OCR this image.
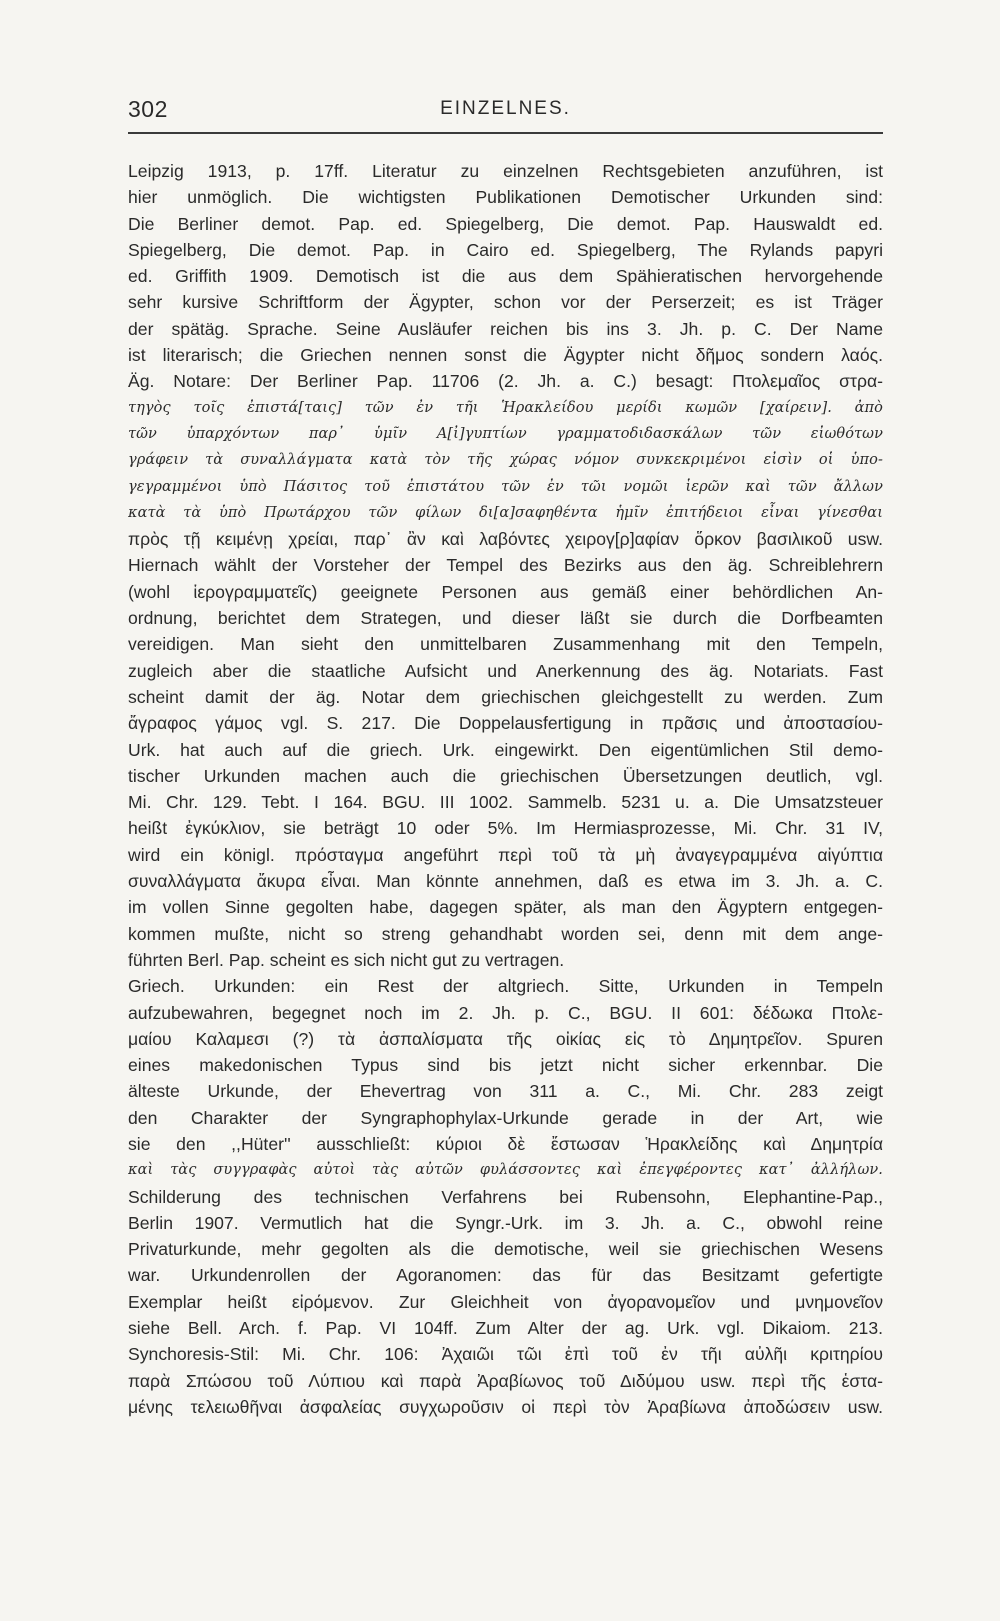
302	EINZELNES.
Leipzig 1913, p. 17ff. Literatur zu einzelnen Rechtsgebieten anzuführen, ist
hier unmöglich. Die wichtigsten Publikationen Demotischer Urkunden sind:
Die Berliner demot. Pap. ed. Spiegelberg, Die demot. Pap. Hauswaldt ed.
Spiegelberg, Die demot. Pap. in Cairo ed. Spiegelberg, The Rylands papyri
ed. Griffith 1909. Demotisch ist die aus dem Spähieratischen hervorgehende
sehr kursive Schriftform der Ägypter, schon vor der Perserzeit; es ist Träger
der spätäg. Sprache. Seine Ausläufer reichen bis ins 3. Jh. p. C. Der Name
ist literarisch; die Griechen nennen sonst die Ägypter nicht δῆμος sondern λαός.
Äg. Notare: Der Berliner Pap. 11706 (2. Jh. a. C.) besagt: Πτολεμαῖος στρα-
τηγὸς τοῖς ἐπιστά[ταις] τῶν ἐν τῆι Ἡρακλείδου μερίδι κωμῶν [χαίρειν]. ἀπὸ
τῶν ὑπαρχόντων παρ᾿ ὑμῖν Α[ἰ]γυπτίων γραμματοδιδασκάλων τῶν εἰωθότων
γράφειν τὰ συναλλάγματα κατὰ τὸν τῆς χώρας νόμον συνκεκριμένοι εἰσὶν οἱ ὑπο-
γεγραμμένοι ὑπὸ Πάσιτος τοῦ ἐπιστάτου τῶν ἐν τῶι νομῶι ἱερῶν καὶ τῶν ἄλλων
κατὰ τὰ ὑπὸ Πρωτάρχου τῶν φίλων δι[α]σαφηθέντα ἡμῖν ἐπιτήδειοι εἶναι γίνεσθαι
πρὸς τῇ κειμένῃ χρείαι, παρ᾿ ἂν καὶ λαβόντες χειρογ[ρ]αφίαν ὅρκον βασιλικοῦ usw.
Hiernach wählt der Vorsteher der Tempel des Bezirks aus den äg. Schreiblehrern
(wohl ἱερογραμματεῖς) geeignete Personen aus gemäß einer behördlichen An-
ordnung, berichtet dem Strategen, und dieser läßt sie durch die Dorfbeamten
vereidigen. Man sieht den unmittelbaren Zusammenhang mit den Tempeln,
zugleich aber die staatliche Aufsicht und Anerkennung des äg. Notariats. Fast
scheint damit der äg. Notar dem griechischen gleichgestellt zu werden. Zum
ἄγραφος γάμος vgl. S. 217. Die Doppelausfertigung in πρᾶσις und ἀποστασίου-
Urk. hat auch auf die griech. Urk. eingewirkt. Den eigentümlichen Stil demo-
tischer Urkunden machen auch die griechischen Übersetzungen deutlich, vgl.
Mi. Chr. 129. Tebt. I 164. BGU. III 1002. Sammelb. 5231 u. a. Die Umsatzsteuer
heißt ἐγκύκλιον, sie beträgt 10 oder 5%. Im Hermiasprozesse, Mi. Chr. 31 IV,
wird ein königl. πρόσταγμα angeführt περὶ τοῦ τὰ μὴ ἀναγεγραμμένα αἰγύπτια
συναλλάγματα ἄκυρα εἶναι. Man könnte annehmen, daß es etwa im 3. Jh. a. C.
im vollen Sinne gegolten habe, dagegen später, als man den Ägyptern entgegen-
kommen mußte, nicht so streng gehandhabt worden sei, denn mit dem ange-
führten Berl. Pap. scheint es sich nicht gut zu vertragen.
Griech. Urkunden: ein Rest der altgriech. Sitte, Urkunden in Tempeln
aufzubewahren, begegnet noch im 2. Jh. p. C., BGU. II 601: δέδωκα Πτολε-
μαίου Καλαμεσι (?) τὰ ἀσπαλίσματα τῆς οἰκίας εἰς τὸ Δημητρεῖον. Spuren
eines makedonischen Typus sind bis jetzt nicht sicher erkennbar. Die
älteste Urkunde, der Ehevertrag von 311 a. C., Mi. Chr. 283 zeigt
den Charakter der Syngraphophylax-Urkunde gerade in der Art, wie
sie den ,,Hüter'' ausschließt: κύριοι δὲ ἔστωσαν Ἡρακλείδης καὶ Δημητρία
καὶ τὰς συγγραφὰς αὐτοὶ τὰς αὐτῶν φυλάσσοντες καὶ ἐπεγφέροντες κατ᾿ ἀλλήλων.
Schilderung des technischen Verfahrens bei Rubensohn, Elephantine-Pap.,
Berlin 1907. Vermutlich hat die Syngr.-Urk. im 3. Jh. a. C., obwohl reine
Privaturkunde, mehr gegolten als die demotische, weil sie griechischen Wesens
war. Urkundenrollen der Agoranomen: das für das Besitzamt gefertigte
Exemplar heißt εἰρόμενον. Zur Gleichheit von ἀγορανομεῖον und μνημονεῖον
siehe Bell. Arch. f. Pap. VI 104ff. Zum Alter der ag. Urk. vgl. Dikaiom. 213.
Synchoresis-Stil: Mi. Chr. 106: Ἀχαιῶι τῶι ἐπὶ τοῦ ἐν τῆι αὐλῆι κριτηρίου
παρὰ Σπώσου τοῦ Λύπιου καὶ παρὰ Ἀραβίωνος τοῦ Διδύμου usw. περὶ τῆς ἑστα-
μένης τελειωθῆναι ἀσφαλείας συγχωροῦσιν οἱ περὶ τὸν Ἀραβίωνα ἀποδώσειν usw.
